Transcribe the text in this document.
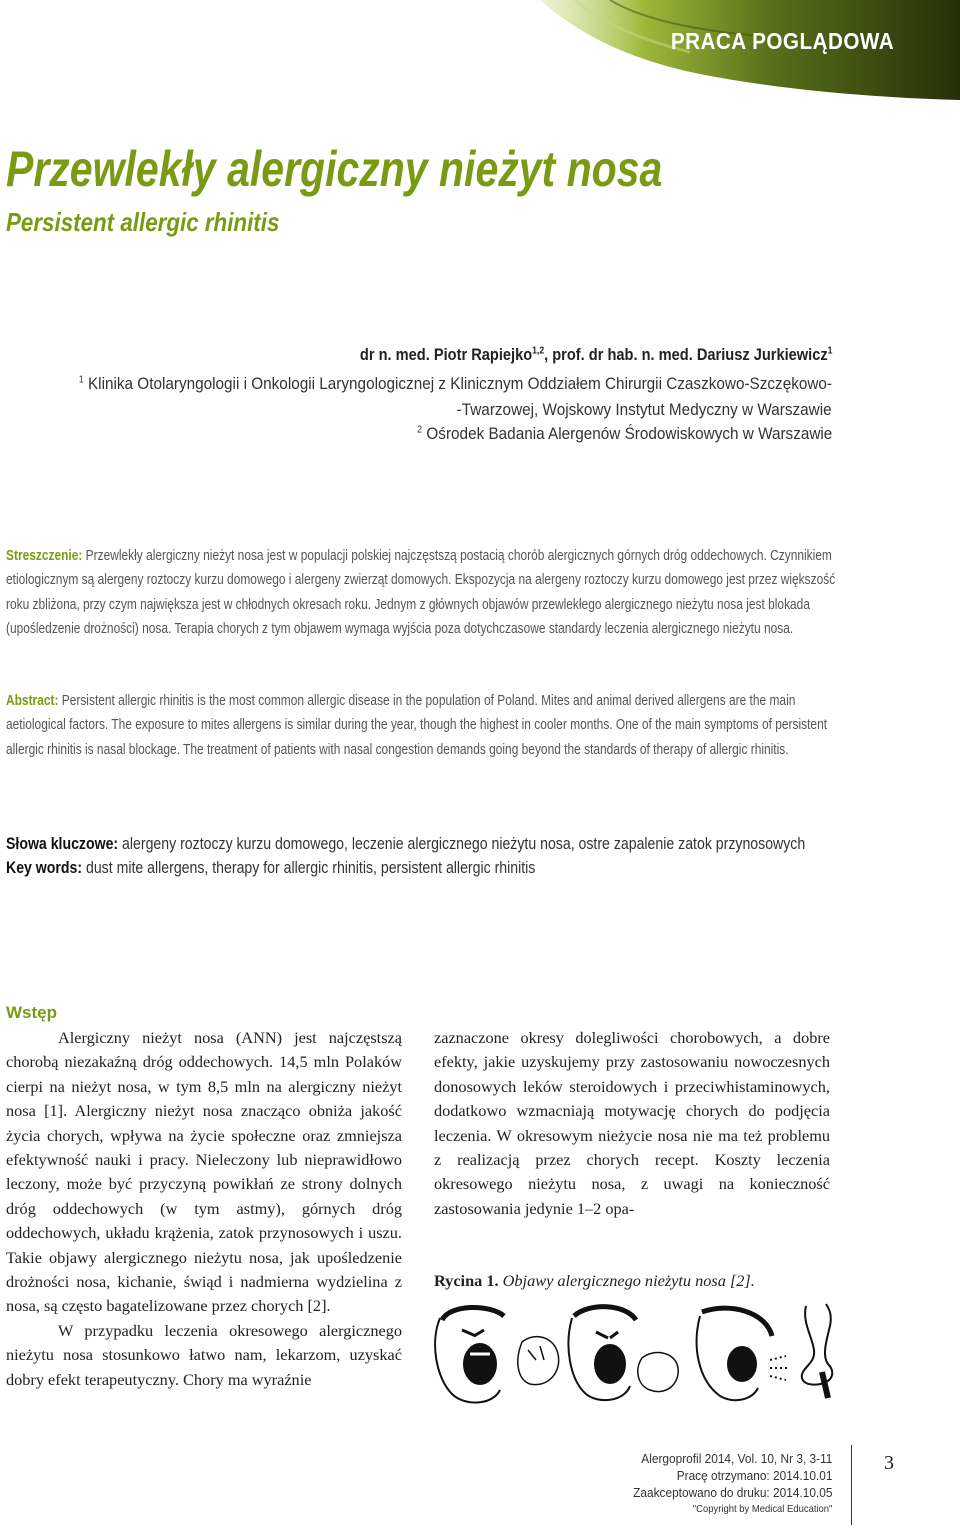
PRACA POGLĄDOWA
Przewlekły alergiczny nieżyt nosa
Persistent allergic rhinitis
dr n. med. Piotr Rapiejko$^{1,2}$, prof. dr hab. n. med. Dariusz Jurkiewicz$^1$
$^1$ Klinika Otolaryngologii i Onkologii Laryngologicznej z Klinicznym Oddziałem Chirurgii Czaszkowo-Szczękowo-
-Twarzowej, Wojskowy Instytut Medyczny w Warszawie
$^2$ Ośrodek Badania Alergenów Środowiskowych w Warszawie
Streszczenie: Przewlekły alergiczny nieżyt nosa jest w populacji polskiej najczęstszą postacią chorób alergicznych górnych dróg oddechowych. Czynnikiem etiologicznym są alergeny roztoczy kurzu domowego i alergeny zwierząt domowych. Ekspozycja na alergeny roztoczy kurzu domowego jest przez większość roku zbliżona, przy czym największa jest w chłodnych okresach roku. Jednym z głównych objawów przewlekłego alergicznego nieżytu nosa jest blokada (upośledzenie drożności) nosa. Terapia chorych z tym objawem wymaga wyjścia poza dotychczasowe standardy leczenia alergicznego nieżytu nosa.
Abstract: Persistent allergic rhinitis is the most common allergic disease in the population of Poland. Mites and animal derived allergens are the main aetiological factors. The exposure to mites allergens is similar during the year, though the highest in cooler months. One of the main symptoms of persistent allergic rhinitis is nasal blockage. The treatment of patients with nasal congestion demands going beyond the standards of therapy of allergic rhinitis.
Słowa kluczowe: alergeny roztoczy kurzu domowego, leczenie alergicznego nieżytu nosa, ostre zapalenie zatok przynosowych
Key words: dust mite allergens, therapy for allergic rhinitis, persistent allergic rhinitis
Wstęp

Alergiczny nieżyt nosa (ANN) jest najczęstszą chorobą niezakaźną dróg oddechowych. 14,5 mln Polaków cierpi na nieżyt nosa, w tym 8,5 mln na alergiczny nieżyt nosa [1]. Alergiczny nieżyt nosa znacząco obniża jakość życia chorych, wpływa na życie społeczne oraz zmniejsza efektywność nauki i pracy. Nieleczony lub nieprawidłowo leczony, może być przyczyną powikłań ze strony dolnych dróg oddechowych (w tym astmy), górnych dróg oddechowych, układu krążenia, zatok przynosowych i uszu. Takie objawy alergicznego nieżytu nosa, jak upośledzenie drożności nosa, kichanie, świąd i nadmierna wydzielina z nosa, są często bagatelizowane przez chorych [2].

W przypadku leczenia okresowego alergicznego nieżytu nosa stosunkowo łatwo nam, lekarzom, uzyskać dobry efekt terapeutyczny. Chory ma wyraźnie

zaznaczone okresy dolegliwości chorobowych, a dobre efekty, jakie uzyskujemy przy zastosowaniu nowoczesnych donosowych leków steroidowych i przeciwhistaminowych, dodatkowo wzmacniają motywację chorych do podjęcia leczenia. W okresowym nieżycie nosa nie ma też problemu z realizacją przez chorych recept. Koszty leczenia okresowego nieżytu nosa, z uwagi na konieczność zastosowania jedynie 1–2 opa-

Rycina 1. Objawy alergicznego nieżytu nosa [2].
Alergoprofil 2014, Vol. 10, Nr 3, 3-11
Pracę otrzymano: 2014.10.01
Zaakceptowano do druku: 2014.10.05
"Copyright by Medical Education"
3
